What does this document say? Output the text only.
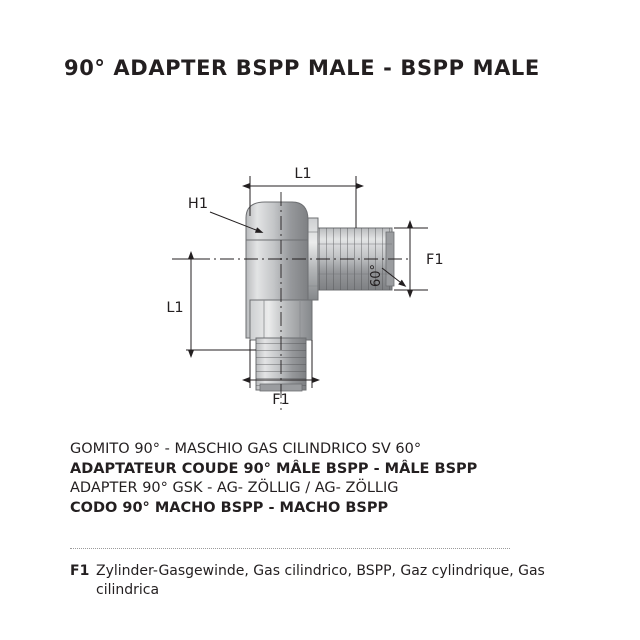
90° ADAPTER BSPP MALE - BSPP MALE
L1
H1
L1
F1
F1
60°
GOMITO 90° - MASCHIO GAS CILINDRICO SV 60°
ADAPTATEUR COUDE 90° MÂLE BSPP - MÂLE BSPP
ADAPTER 90° GSK - AG- ZÖLLIG / AG- ZÖLLIG
CODO 90° MACHO BSPP - MACHO BSPP
F1 Zylinder-Gasgewinde, Gas cilindrico, BSPP, Gaz cylindrique, Gas cilindrica
